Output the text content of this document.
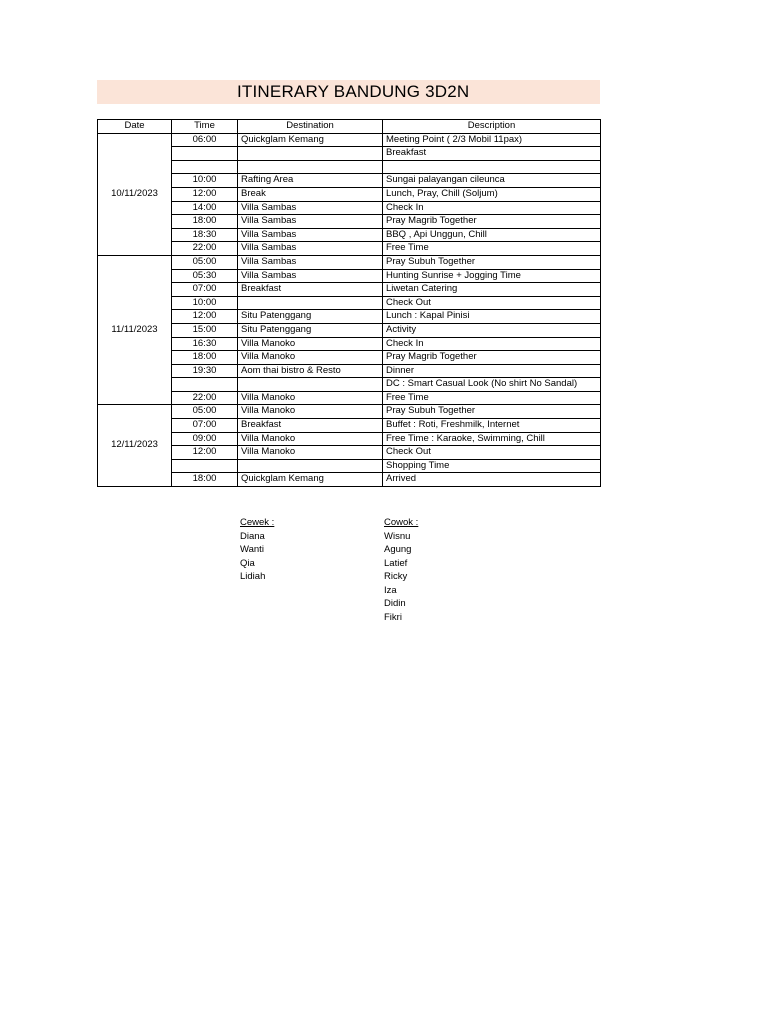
ITINERARY BANDUNG 3D2N
Date	Time	Destination	Description
10/11/2023	06:00	Quickglam Kemang	Meeting Point ( 2/3 Mobil 11pax)
			Breakfast

	10:00	Rafting Area	Sungai palayangan cileunca
	12:00	Break	Lunch, Pray, Chill (Soljum)
	14:00	Villa Sambas	Check In
	18:00	Villa Sambas	Pray Magrib Together
	18:30	Villa Sambas	BBQ , Api Unggun, Chill
	22:00	Villa Sambas	Free Time
11/11/2023	05:00	Villa Sambas	Pray Subuh Together
	05:30	Villa Sambas	Hunting Sunrise + Jogging Time
	07:00	Breakfast	Liwetan Catering
	10:00		Check Out
	12:00	Situ Patenggang	Lunch : Kapal Pinisi
	15:00	Situ Patenggang	Activity
	16:30	Villa Manoko	Check In
	18:00	Villa Manoko	Pray Magrib Together
	19:30	Aom thai bistro & Resto	Dinner
			DC : Smart Casual Look (No shirt No Sandal)
	22:00	Villa Manoko	Free Time
12/11/2023	05:00	Villa Manoko	Pray Subuh Together
	07:00	Breakfast	Buffet : Roti, Freshmilk, Internet
	09:00	Villa Manoko	Free Time : Karaoke, Swimming, Chill
	12:00	Villa Manoko	Check Out
			Shopping Time
	18:00	Quickglam Kemang	Arrived
Cewek :
Diana
Wanti
Qia
Lidiah
Cowok :
Wisnu
Agung
Latief
Ricky
Iza
Didin
Fikri
